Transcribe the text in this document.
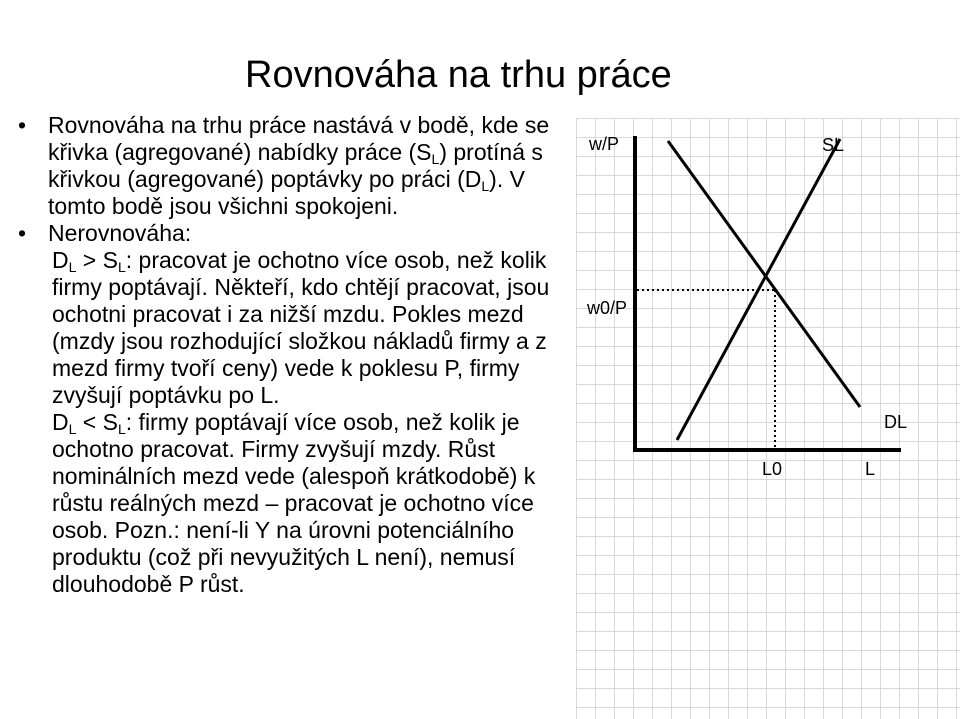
Rovnováha na trhu práce
• Rovnováha na trhu práce nastává v bodě, kde se křivka (agregované) nabídky práce $(S_L)$ protíná s křivkou (agregované) poptávky po práci $(D_L)$. V tomto bodě jsou všichni spokojeni.
• Nerovnováha:
$D_L > S_L$: pracovat je ochotno více osob, než kolik firmy poptávají. Někteří, kdo chtějí pracovat, jsou ochotni pracovat i za nižší mzdu. Pokles mezd (mzdy jsou rozhodující složkou nákladů firmy a z mezd firmy tvoří ceny) vede k poklesu P, firmy zvyšují poptávku po L.
$D_L < S_L$: firmy poptávají více osob, než kolik je ochotno pracovat. Firmy zvyšují mzdy. Růst nominálních mezd vede (alespoň krátkodobě) k růstu reálných mezd – pracovat je ochotno více osob. Pozn.: není-li Y na úrovni potenciálního produktu (což při nevyužitých L není), nemusí dlouhodobě P růst.
w/P
w0/P
SL
DL
L0	L
